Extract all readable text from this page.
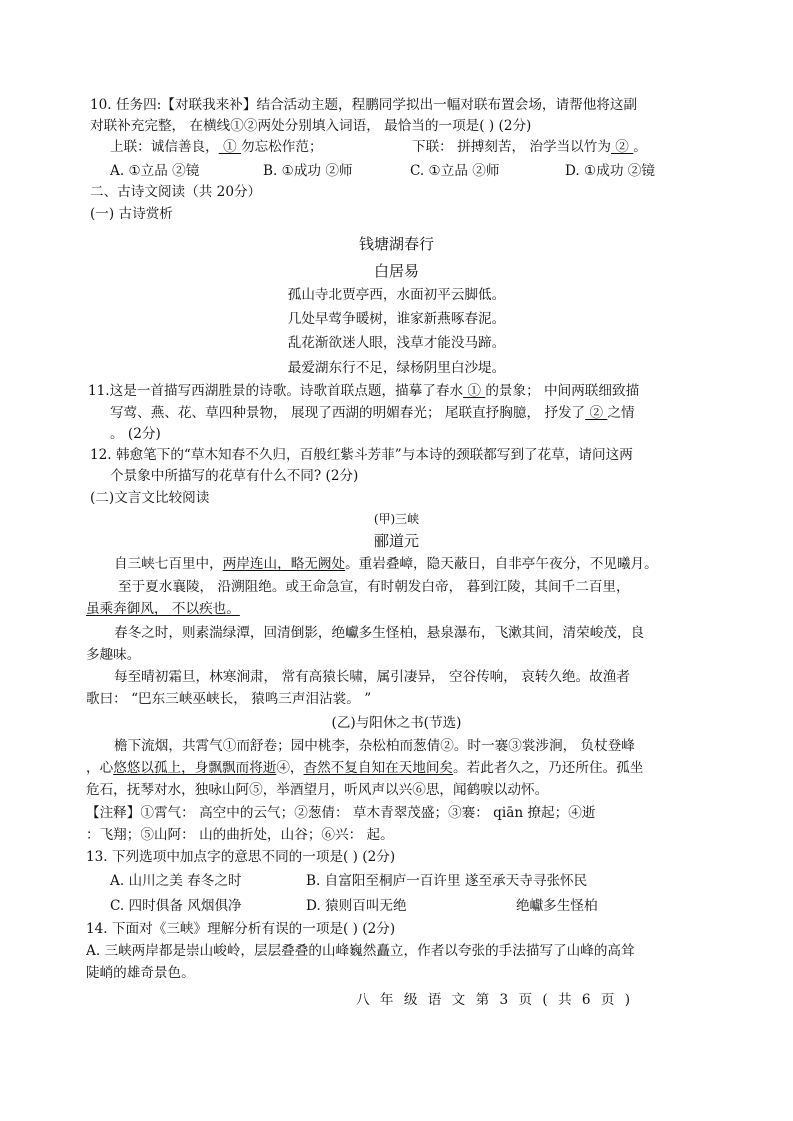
10. 任务四:【对联我来补】结合活动主题，程鹏同学拟出一幅对联布置会场，请帮他将这副
对联补充完整， 在横线①②两处分别填入词语， 最恰当的一项是( ) (2分)
上联：诚信善良， ① 勿忘松作范；	下联： 拼搏刻苦， 治学当以竹为 ② 。
A. ①立品 ②镜	B. ①成功 ②师	C. ①立品 ②师	D. ①成功 ②镜
二、古诗文阅读（共 20分）
(一) 古诗赏析
钱塘湖春行
白居易
孤山寺北贾亭西，水面初平云脚低。
几处早莺争暖树，谁家新燕啄春泥。
乱花渐欲迷人眼，浅草才能没马蹄。
最爱湖东行不足，绿杨阴里白沙堤。
11.这是一首描写西湖胜景的诗歌。诗歌首联点题，描摹了春水 ① 的景象； 中间两联细致描
写莺、燕、花、草四种景物， 展现了西湖的明媚春光； 尾联直抒胸臆， 抒发了 ② 之情
。 (2分)
12. 韩愈笔下的“草木知春不久归，百般红紫斗芳菲”与本诗的颈联都写到了花草，请问这两
个景象中所描写的花草有什么不同? (2分)
(二)文言文比较阅读
(甲)三峡
郦道元
自三峡七百里中，两岸连山，略无阙处。重岩叠嶂，隐天蔽日，自非亭午夜分，不见曦月。
至于夏水襄陵， 沿溯阻绝。或王命急宣，有时朝发白帝， 暮到江陵，其间千二百里，
虽乘奔御风， 不以疾也。
春冬之时，则素湍绿潭，回清倒影，绝巘多生怪柏，悬泉瀑布，飞漱其间，清荣峻茂，良
多趣味。
每至晴初霜旦，林寒涧肃， 常有高猿长啸，属引凄异， 空谷传响， 哀转久绝。故渔者
歌曰： “巴东三峡巫峡长， 猿鸣三声泪沾裳。 ”
(乙)与阳休之书(节选)
檐下流烟，共霄气①而舒卷；园中桃李，杂松柏而葱倩②。时一褰③裳涉涧， 负杖登峰
，心悠悠以孤上，身飘飘而将逝④，杳然不复自知在天地间矣。若此者久之，乃还所住。孤坐
危石，抚琴对水，独咏山阿⑤，举酒望月，听风声以兴⑥思，闻鹤唳以动怀。
【注释】①霄气： 高空中的云气；②葱倩： 草木青翠茂盛；③褰： qiān 撩起；④逝
：飞翔；⑤山阿： 山的曲折处，山谷；⑥兴： 起。
13. 下列选项中加点字的意思不同的一项是( ) (2分)
A. 山川之美 春冬之时	B. 自富阳至桐庐一百许里 遂至承天寺寻张怀民
C. 四时俱备 风烟俱净	D. 猿则百叫无绝	绝巘多生怪柏
14. 下面对《三峡》理解分析有误的一项是( ) (2分)
A. 三峡两岸都是崇山峻岭，层层叠叠的山峰巍然矗立，作者以夸张的手法描写了山峰的高耸
陡峭的雄奇景色。
八 年 级 语 文 第 3 页 ( 共 6 页 )
